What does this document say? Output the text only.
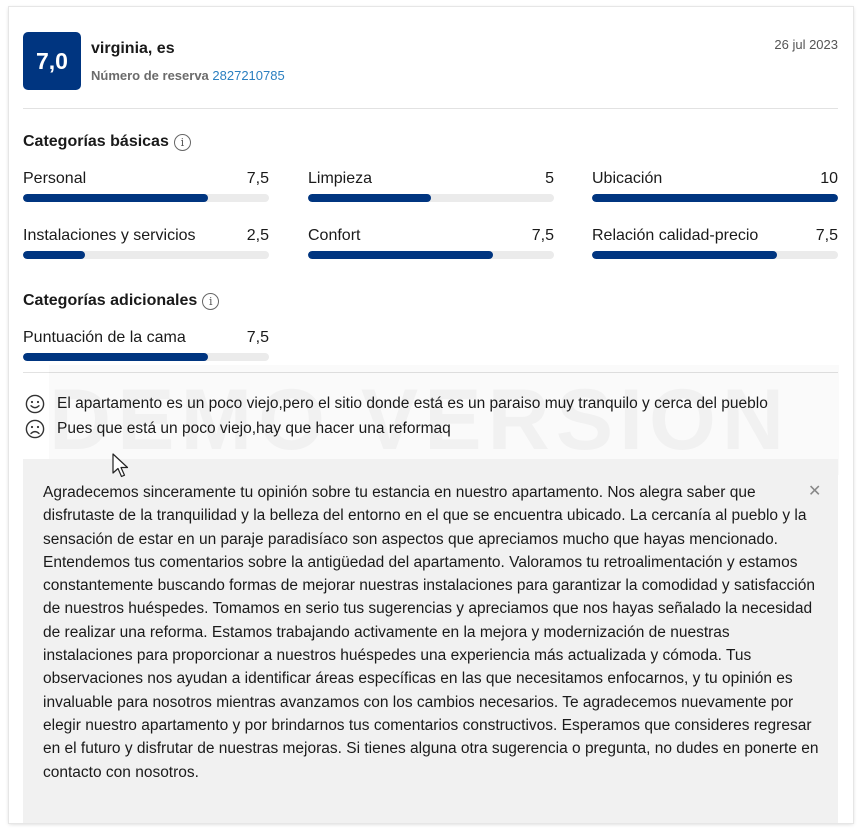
7,0	virginia, es
Número de reserva 2827210785
26 jul 2023
Categorías básicas	i
Personal	7,5 Limpieza	5 Ubicación	10
Instalaciones y servicios	2,5 Confort	7,5 Relación calidad-precio	7,5
Categorías adicionales	i
Puntuación de la cama	7,5
El apartamento es un poco viejo,pero el sitio donde está es un paraiso muy tranquilo y cerca del pueblo
Pues que está un poco viejo,hay que hacer una reformaq
Agradecemos sinceramente tu opinión sobre tu estancia en nuestro apartamento. Nos alegra saber que disfrutaste de la tranquilidad y la belleza del entorno en el que se encuentra ubicado. La cercanía al pueblo y la sensación de estar en un paraje paradisíaco son aspectos que apreciamos mucho que hayas mencionado. Entendemos tus comentarios sobre la antigüedad del apartamento. Valoramos tu retroalimentación y estamos constantemente buscando formas de mejorar nuestras instalaciones para garantizar la comodidad y satisfacción de nuestros huéspedes. Tomamos en serio tus sugerencias y apreciamos que nos hayas señalado la necesidad de realizar una reforma. Estamos trabajando activamente en la mejora y modernización de nuestras instalaciones para proporcionar a nuestros huéspedes una experiencia más actualizada y cómoda. Tus observaciones nos ayudan a identificar áreas específicas en las que necesitamos enfocarnos, y tu opinión es invaluable para nosotros mientras avanzamos con los cambios necesarios. Te agradecemos nuevamente por elegir nuestro apartamento y por brindarnos tus comentarios constructivos. Esperamos que consideres regresar en el futuro y disfrutar de nuestras mejoras. Si tienes alguna otra sugerencia o pregunta, no dudes en ponerte en contacto con nosotros.
✕
